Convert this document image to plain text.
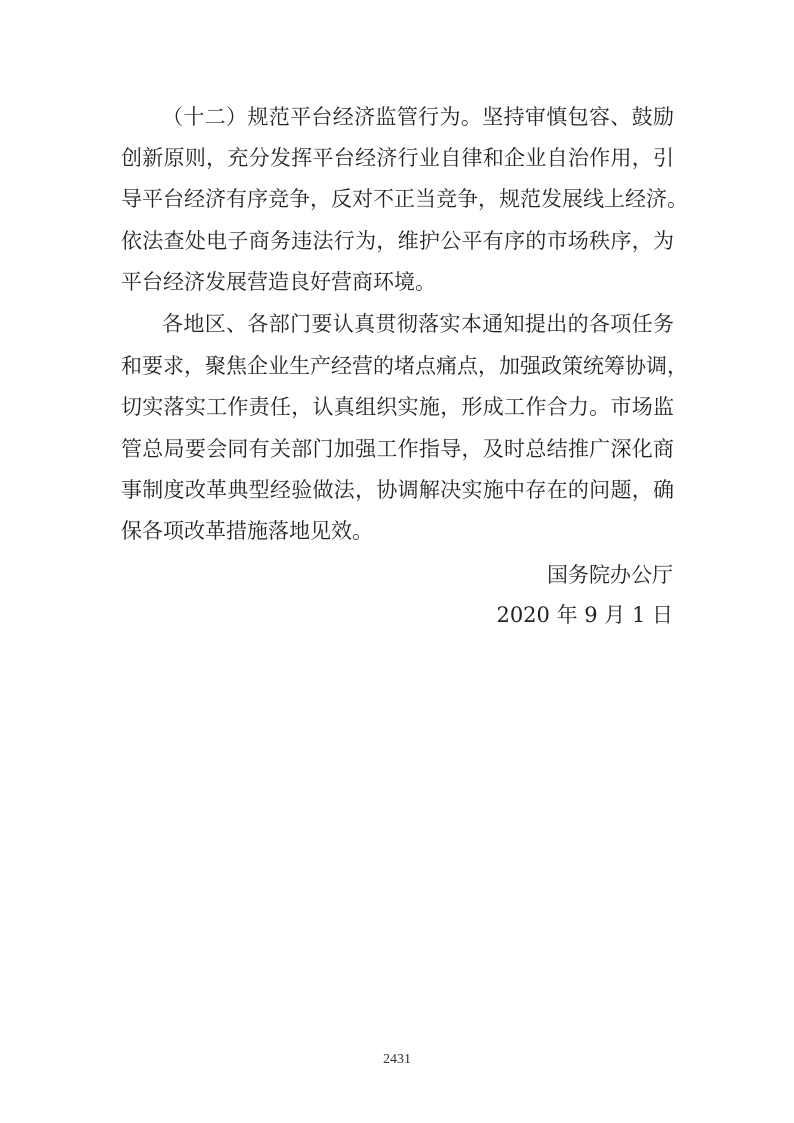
（十二）规范平台经济监管行为。坚持审慎包容、鼓励
创新原则，充分发挥平台经济行业自律和企业自治作用，引
导平台经济有序竞争，反对不正当竞争，规范发展线上经济。
依法查处电子商务违法行为，维护公平有序的市场秩序，为
平台经济发展营造良好营商环境。
各地区、各部门要认真贯彻落实本通知提出的各项任务
和要求，聚焦企业生产经营的堵点痛点，加强政策统筹协调，
切实落实工作责任，认真组织实施，形成工作合力。市场监
管总局要会同有关部门加强工作指导，及时总结推广深化商
事制度改革典型经验做法，协调解决实施中存在的问题，确
保各项改革措施落地见效。
国务院办公厅
2020 年 9 月 1 日
2431
